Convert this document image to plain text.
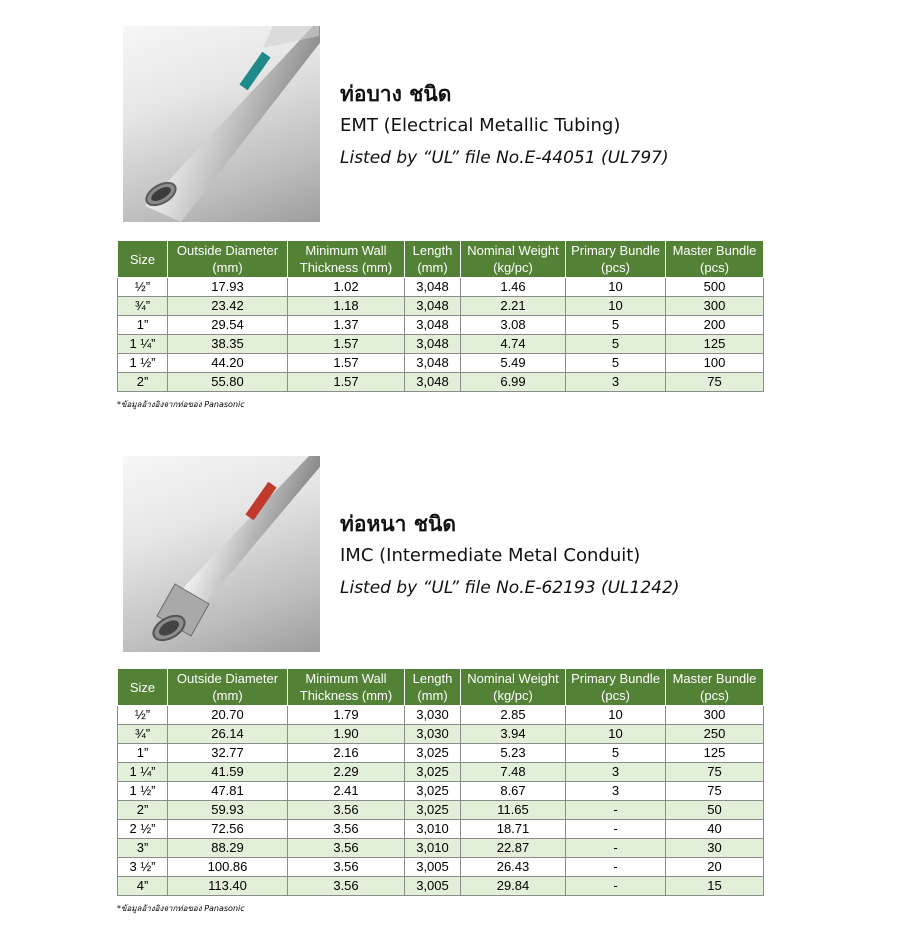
ท่อบาง ชนิด
EMT (Electrical Metallic Tubing)
Listed by “UL” file No.E-44051 (UL797)
Size	Outside Diameter (mm)	Minimum Wall Thickness (mm)	Length (mm)	Nominal Weight (kg/pc)	Primary Bundle (pcs)	Master Bundle (pcs)
½”	17.93	1.02	3,048	1.46	10	500
¾”	23.42	1.18	3,048	2.21	10	300
1”	29.54	1.37	3,048	3.08	5	200
1 ¼”	38.35	1.57	3,048	4.74	5	125
1 ½”	44.20	1.57	3,048	5.49	5	100
2”	55.80	1.57	3,048	6.99	3	75
*ข้อมูลอ้างอิงจากท่อของ Panasonic
ท่อหนา ชนิด
IMC (Intermediate Metal Conduit)
Listed by “UL” file No.E-62193 (UL1242)
Size	Outside Diameter (mm)	Minimum Wall Thickness (mm)	Length (mm)	Nominal Weight (kg/pc)	Primary Bundle (pcs)	Master Bundle (pcs)
½”	20.70	1.79	3,030	2.85	10	300
¾”	26.14	1.90	3,030	3.94	10	250
1”	32.77	2.16	3,025	5.23	5	125
1 ¼”	41.59	2.29	3,025	7.48	3	75
1 ½”	47.81	2.41	3,025	8.67	3	75
2”	59.93	3.56	3,025	11.65	-	50
2 ½”	72.56	3.56	3,010	18.71	-	40
3”	88.29	3.56	3,010	22.87	-	30
3 ½”	100.86	3.56	3,005	26.43	-	20
4”	113.40	3.56	3,005	29.84	-	15
*ข้อมูลอ้างอิงจากท่อของ Panasonic
